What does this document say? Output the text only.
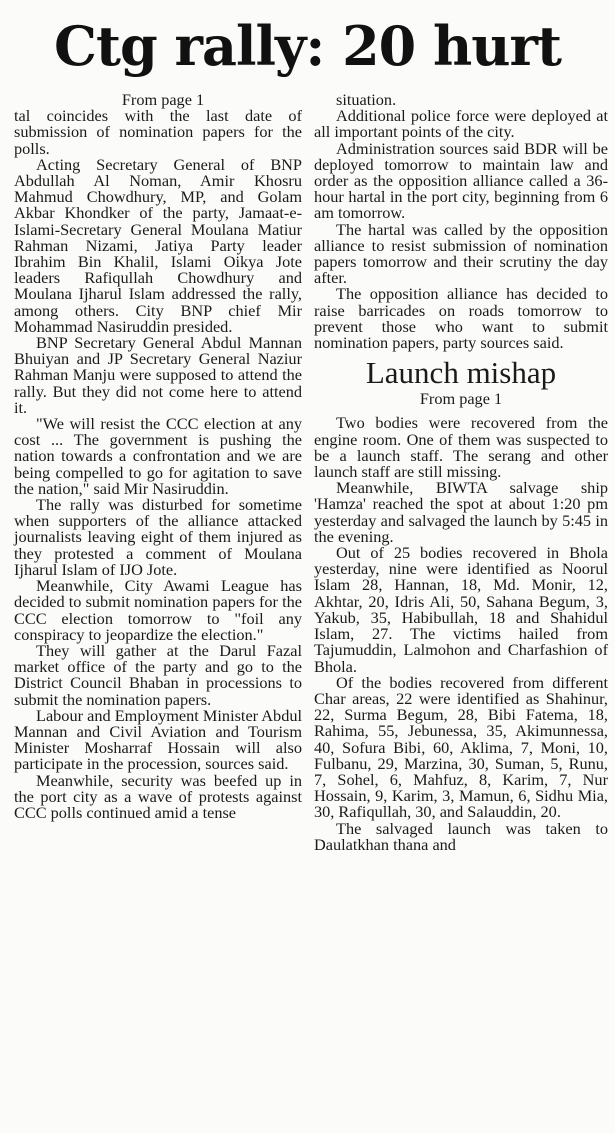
Ctg rally: 20 hurt

From page 1

tal coincides with the last date of submission of nomination papers for the polls.

Acting Secretary General of BNP Abdullah Al Noman, Amir Khosru Mahmud Chowdhury, MP, and Golam Akbar Khondker of the party, Jamaat-e-Islami-Secretary General Moulana Matiur Rahman Nizami, Jatiya Party leader Ibrahim Bin Khalil, Islami Oikya Jote leaders Rafiqullah Chowdhury and Moulana Ijharul Islam addressed the rally, among others. City BNP chief Mir Mohammad Nasiruddin presided.

BNP Secretary General Abdul Mannan Bhuiyan and JP Secretary General Naziur Rahman Manju were supposed to attend the rally. But they did not come here to attend it.

"We will resist the CCC election at any cost ... The government is pushing the nation towards a confrontation and we are being compelled to go for agitation to save the nation," said Mir Nasiruddin.

The rally was disturbed for sometime when supporters of the alliance attacked journalists leaving eight of them injured as they protested a comment of Moulana Ijharul Islam of IJO Jote.

Meanwhile, City Awami League has decided to submit nomination papers for the CCC election tomorrow to "foil any conspiracy to jeopardize the election."

They will gather at the Darul Fazal market office of the party and go to the District Council Bhaban in processions to submit the nomination papers.

Labour and Employment Minister Abdul Mannan and Civil Aviation and Tourism Minister Mosharraf Hossain will also participate in the procession, sources said.

Meanwhile, security was beefed up in the port city as a wave of protests against CCC polls continued amid a tense

situation.

Additional police force were deployed at all important points of the city.

Administration sources said BDR will be deployed tomorrow to maintain law and order as the opposition alliance called a 36-hour hartal in the port city, beginning from 6 am tomorrow.

The hartal was called by the opposition alliance to resist submission of nomination papers tomorrow and their scrutiny the day after.

The opposition alliance has decided to raise barricades on roads tomorrow to prevent those who want to submit nomination papers, party sources said.

Launch mishap

From page 1

Two bodies were recovered from the engine room. One of them was suspected to be a launch staff. The serang and other launch staff are still missing.

Meanwhile, BIWTA salvage ship 'Hamza' reached the spot at about 1:20 pm yesterday and salvaged the launch by 5:45 in the evening.

Out of 25 bodies recovered in Bhola yesterday, nine were identified as Noorul Islam 28, Hannan, 18, Md. Monir, 12, Akhtar, 20, Idris Ali, 50, Sahana Begum, 3, Yakub, 35, Habibullah, 18 and Shahidul Islam, 27. The victims hailed from Tajumuddin, Lalmohon and Charfashion of Bhola.

Of the bodies recovered from different Char areas, 22 were identified as Shahinur, 22, Surma Begum, 28, Bibi Fatema, 18, Rahima, 55, Jebunessa, 35, Akimunnessa, 40, Sofura Bibi, 60, Aklima, 7, Moni, 10, Fulbanu, 29, Marzina, 30, Suman, 5, Runu, 7, Sohel, 6, Mahfuz, 8, Karim, 7, Nur Hossain, 9, Karim, 3, Mamun, 6, Sidhu Mia, 30, Rafiqullah, 30, and Salauddin, 20.

The salvaged launch was taken to Daulatkhan thana and
